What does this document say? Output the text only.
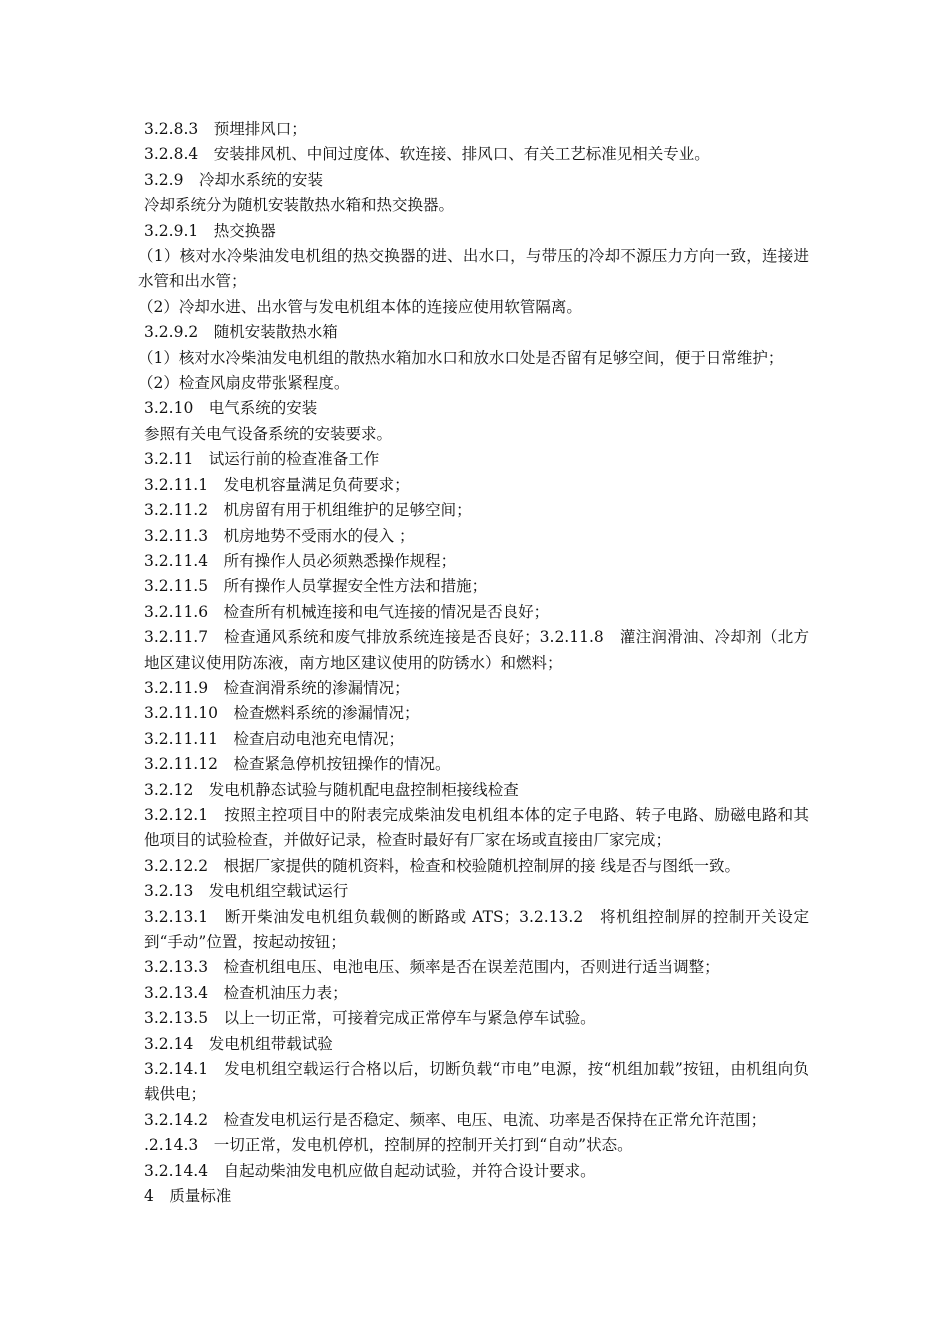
3.2.8.3　预埋排风口；
3.2.8.4　安装排风机、中间过度体、软连接、排风口、有关工艺标准见相关专业。
3.2.9　冷却水系统的安装
冷却系统分为随机安装散热水箱和热交换器。
3.2.9.1　热交换器
（1）核对水冷柴油发电机组的热交换器的进、出水口，与带压的冷却不源压力方向一致，连接进水管和出水管；
（2）冷却水进、出水管与发电机组本体的连接应使用软管隔离。
3.2.9.2　随机安装散热水箱
（1）核对水冷柴油发电机组的散热水箱加水口和放水口处是否留有足够空间，便于日常维护；
（2）检查风扇皮带张紧程度。
3.2.10　电气系统的安装
参照有关电气设备系统的安装要求。
3.2.11　试运行前的检查准备工作
3.2.11.1　发电机容量满足负荷要求；
3.2.11.2　机房留有用于机组维护的足够空间；
3.2.11.3　机房地势不受雨水的侵入 ；
3.2.11.4　所有操作人员必须熟悉操作规程；
3.2.11.5　所有操作人员掌握安全性方法和措施；
3.2.11.6　检查所有机械连接和电气连接的情况是否良好；
3.2.11.7　检查通风系统和废气排放系统连接是否良好；3.2.11.8　灌注润滑油、冷却剂（北方地区建议使用防冻液，南方地区建议使用的防锈水）和燃料；
3.2.11.9　检查润滑系统的渗漏情况；
3.2.11.10　检查燃料系统的渗漏情况；
3.2.11.11　检查启动电池充电情况；
3.2.11.12　检查紧急停机按钮操作的情况。
3.2.12　发电机静态试验与随机配电盘控制柜接线检查
3.2.12.1　按照主控项目中的附表完成柴油发电机组本体的定子电路、转子电路、励磁电路和其他项目的试验检查，并做好记录，检查时最好有厂家在场或直接由厂家完成；
3.2.12.2　根据厂家提供的随机资料，检查和校验随机控制屏的接 线是否与图纸一致。
3.2.13　发电机组空载试运行
3.2.13.1　断开柴油发电机组负载侧的断路或 ATS；3.2.13.2　将机组控制屏的控制开关设定到“手动”位置，按起动按钮；
3.2.13.3　检查机组电压、电池电压、频率是否在误差范围内，否则进行适当调整；
3.2.13.4　检查机油压力表；
3.2.13.5　以上一切正常，可接着完成正常停车与紧急停车试验。
3.2.14　发电机组带载试验
3.2.14.1　发电机组空载运行合格以后，切断负载“市电”电源，按“机组加载”按钮，由机组向负载供电；
3.2.14.2　检查发电机运行是否稳定、频率、电压、电流、功率是否保持在正常允许范围；
.2.14.3　一切正常，发电机停机，控制屏的控制开关打到“自动”状态。
3.2.14.4　自起动柴油发电机应做自起动试验，并符合设计要求。
4　质量标准
